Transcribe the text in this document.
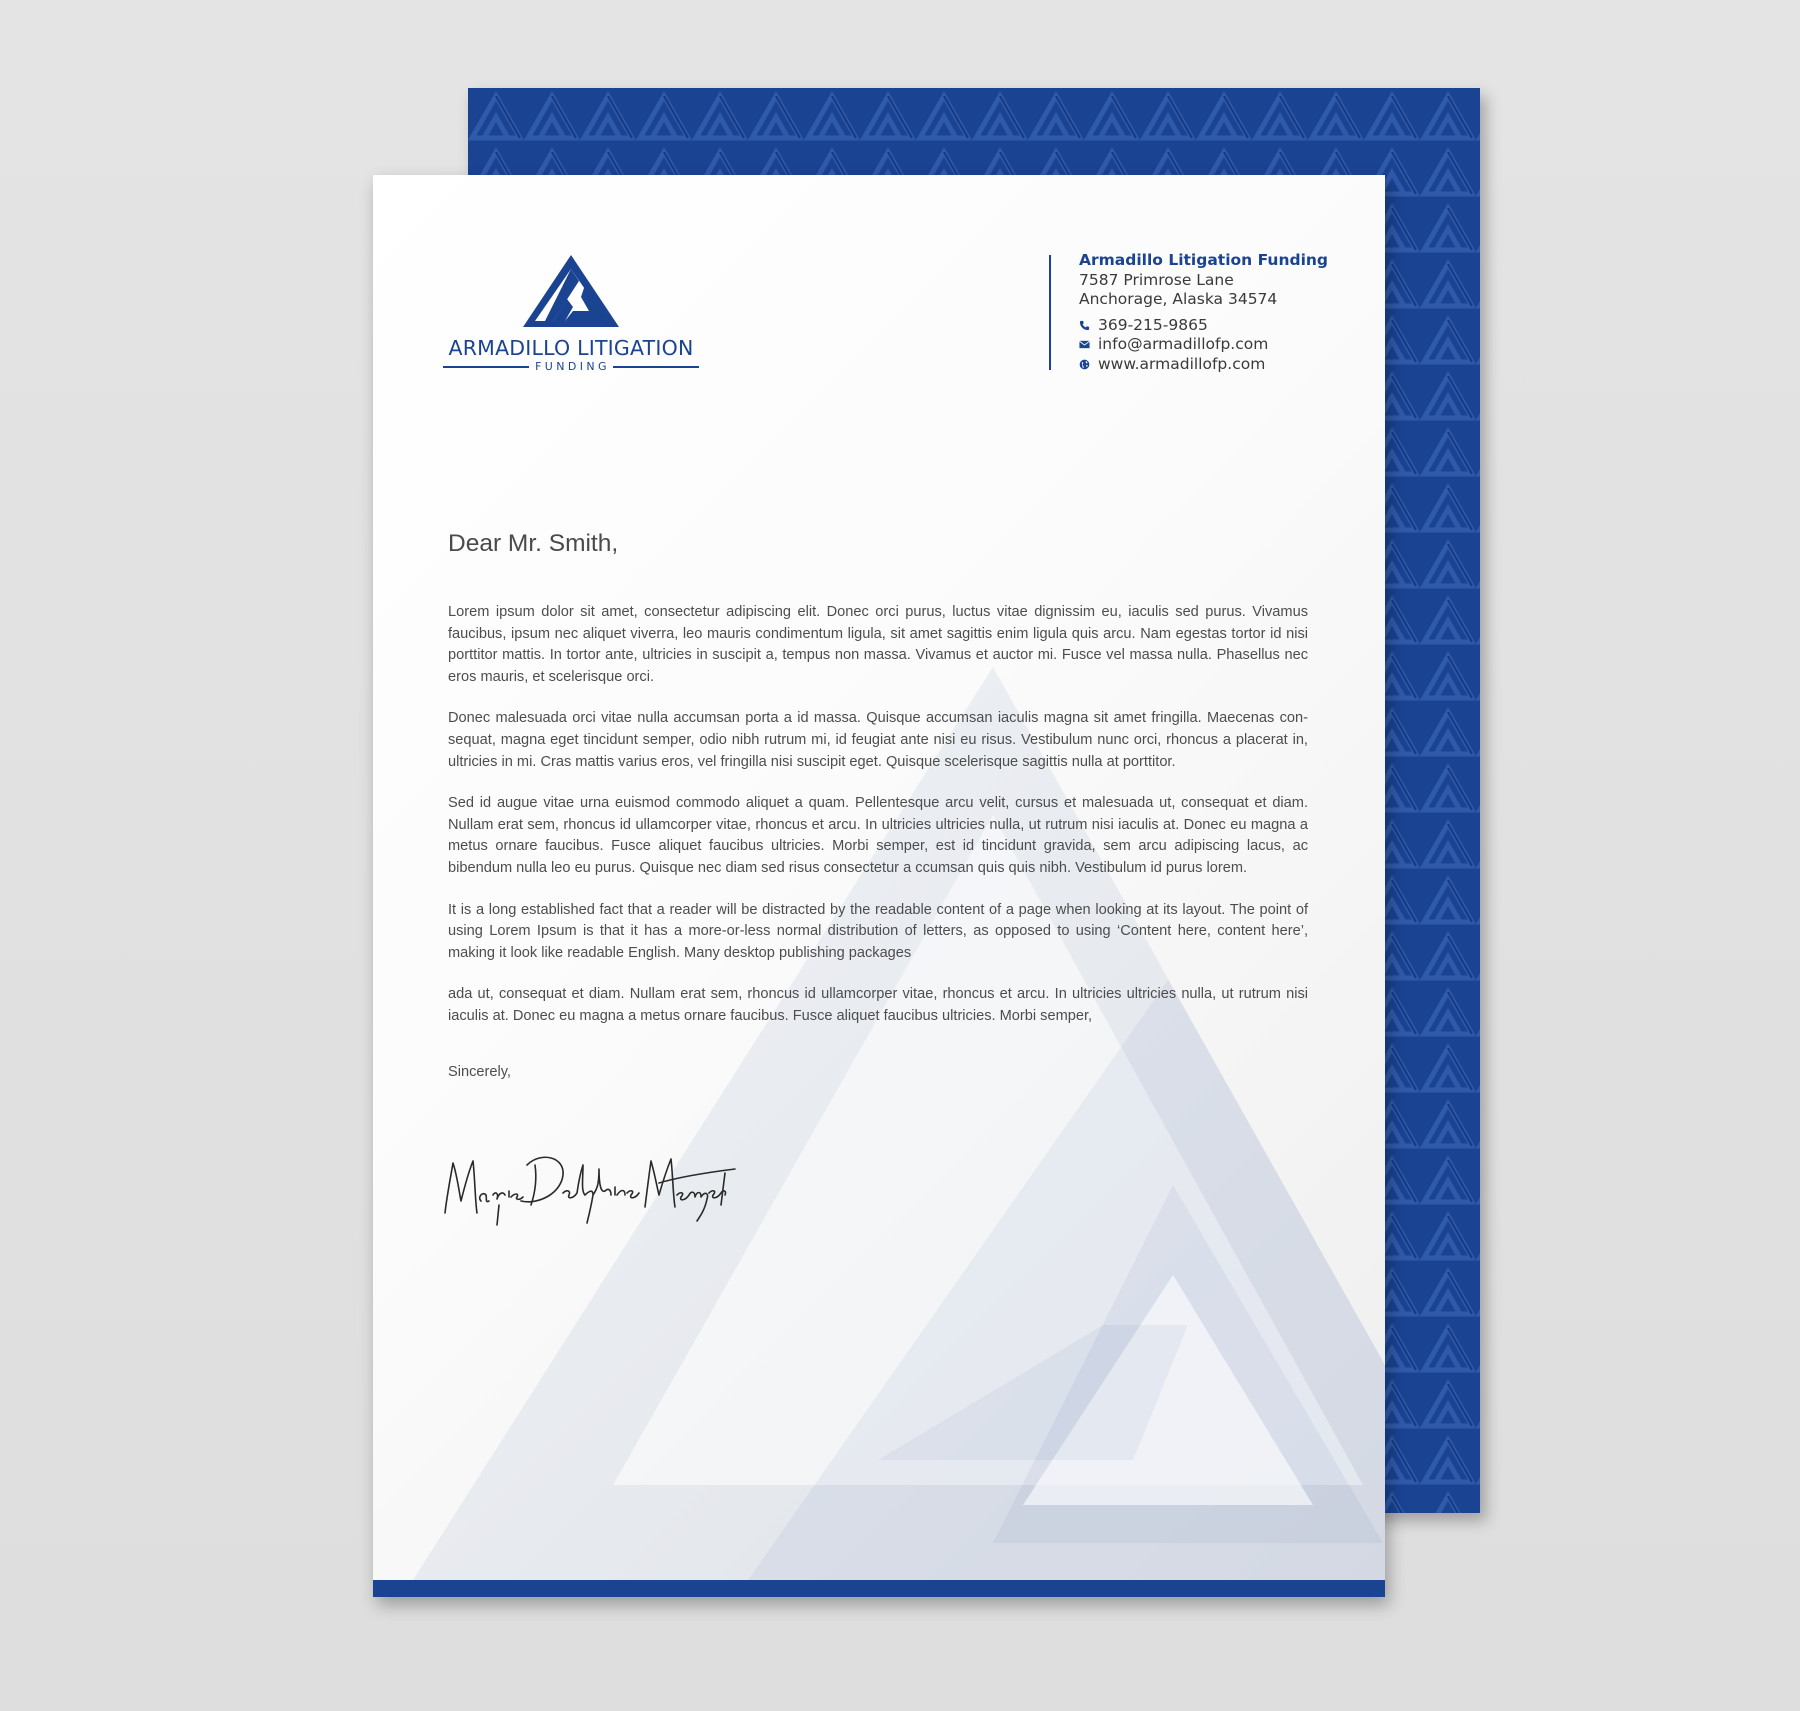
ARMADILLO LITIGATION
FUNDING
Armadillo Litigation Funding
7587 Primrose Lane
Anchorage, Alaska 34574
369-215-9865
info@armadillofp.com
www.armadillofp.com

Dear Mr. Smith,

Lorem ipsum dolor sit amet, consectetur adipiscing elit. Donec orci purus, luctus vitae dignissim eu, iaculis sed purus. Vivamus faucibus, ipsum nec aliquet viverra, leo mauris condimentum ligula, sit amet sagittis enim ligula quis arcu. Nam egestas tortor id nisi porttitor mattis. In tortor ante, ultricies in suscipit a, tempus non massa. Vivamus et auctor mi. Fusce vel massa nulla. Phasellus nec eros mauris, et scelerisque orci.

Donec malesuada orci vitae nulla accumsan porta a id massa. Quisque accumsan iaculis magna sit amet fringilla. Maecenas con-sequat, magna eget tincidunt semper, odio nibh rutrum mi, id feugiat ante nisi eu risus. Vestibulum nunc orci, rhoncus a placerat in, ultricies in mi. Cras mattis varius eros, vel fringilla nisi suscipit eget. Quisque scelerisque sagittis nulla at porttitor.

Sed id augue vitae urna euismod commodo aliquet a quam. Pellentesque arcu velit, cursus et malesuada ut, consequat et diam. Nullam erat sem, rhoncus id ullamcorper vitae, rhoncus et arcu. In ultricies ultricies nulla, ut rutrum nisi iaculis at. Donec eu magna a metus ornare faucibus. Fusce aliquet faucibus ultricies. Morbi semper, est id tincidunt gravida, sem arcu adipiscing lacus, ac bibendum nulla leo eu purus. Quisque nec diam sed risus consectetur a ccumsan quis quis nibh. Vestibulum id purus lorem.

It is a long established fact that a reader will be distracted by the readable content of a page when looking at its layout. The point of using Lorem Ipsum is that it has a more-or-less normal distribution of letters, as opposed to using ‘Content here, content here’, making it look like readable English. Many desktop publishing packages

ada ut, consequat et diam. Nullam erat sem, rhoncus id ullamcorper vitae, rhoncus et arcu. In ultricies ultricies nulla, ut rutrum nisi iaculis at. Donec eu magna a metus ornare faucibus. Fusce aliquet faucibus ultricies. Morbi semper,

Sincerely,
